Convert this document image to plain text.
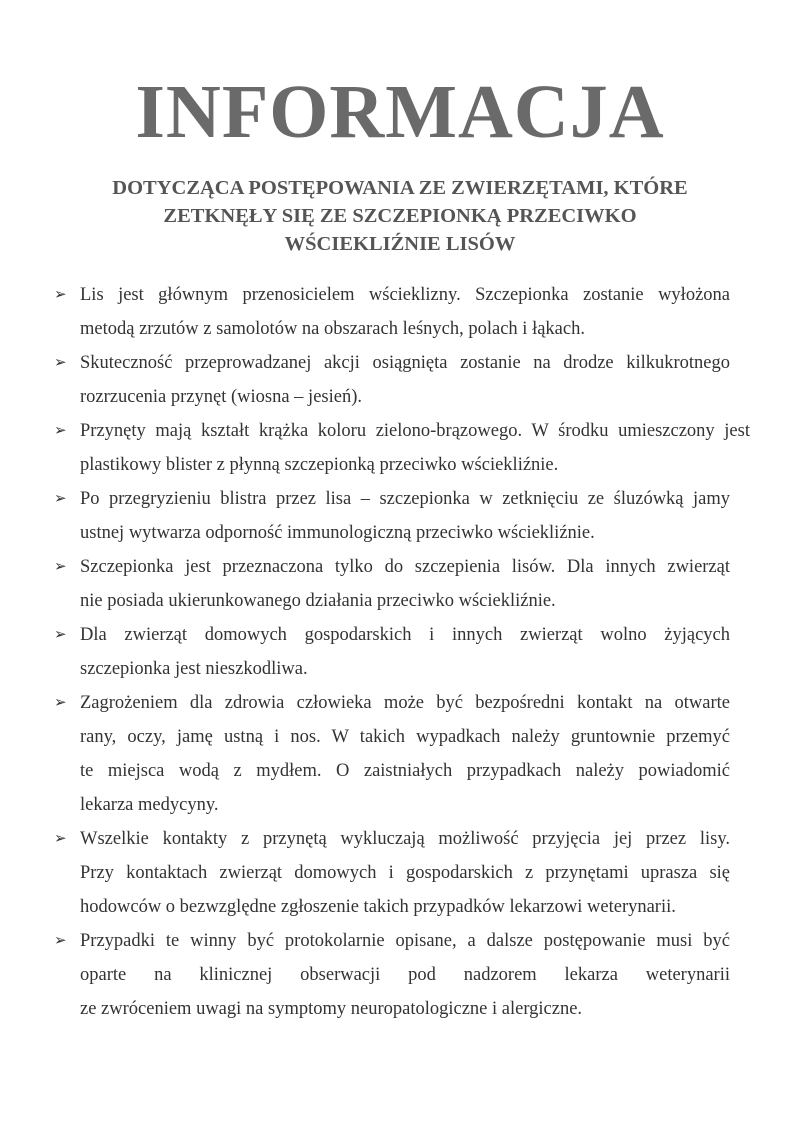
INFORMACJA
DOTYCZĄCA POSTĘPOWANIA ZE ZWIERZĘTAMI, KTÓRE
ZETKNĘŁY SIĘ ZE SZCZEPIONKĄ PRZECIWKO
WŚCIEKLIŹNIE LISÓW
➢ Lis jest głównym przenosicielem wścieklizny. Szczepionka zostanie wyłożona
metodą zrzutów z samolotów na obszarach leśnych, polach i łąkach.
➢ Skuteczność przeprowadzanej akcji osiągnięta zostanie na drodze kilkukrotnego
rozrzucenia przynęt (wiosna – jesień).
➢ Przynęty mają kształt krążka koloru zielono-brązowego. W środku umieszczony jest
plastikowy blister z płynną szczepionką przeciwko wściekliźnie.
➢ Po przegryzieniu blistra przez lisa – szczepionka w zetknięciu ze śluzówką jamy
ustnej wytwarza odporność immunologiczną przeciwko wściekliźnie.
➢ Szczepionka jest przeznaczona tylko do szczepienia lisów. Dla innych zwierząt
nie posiada ukierunkowanego działania przeciwko wściekliźnie.
➢ Dla zwierząt domowych gospodarskich i innych zwierząt wolno żyjących
szczepionka jest nieszkodliwa.
➢ Zagrożeniem dla zdrowia człowieka może być bezpośredni kontakt na otwarte
rany, oczy, jamę ustną i nos. W takich wypadkach należy gruntownie przemyć
te miejsca wodą z mydłem. O zaistniałych przypadkach należy powiadomić
lekarza medycyny.
➢ Wszelkie kontakty z przynętą wykluczają możliwość przyjęcia jej przez lisy.
Przy kontaktach zwierząt domowych i gospodarskich z przynętami uprasza się
hodowców o bezwzględne zgłoszenie takich przypadków lekarzowi weterynarii.
➢ Przypadki te winny być protokolarnie opisane, a dalsze postępowanie musi być
oparte na klinicznej obserwacji pod nadzorem lekarza weterynarii
ze zwróceniem uwagi na symptomy neuropatologiczne i alergiczne.
